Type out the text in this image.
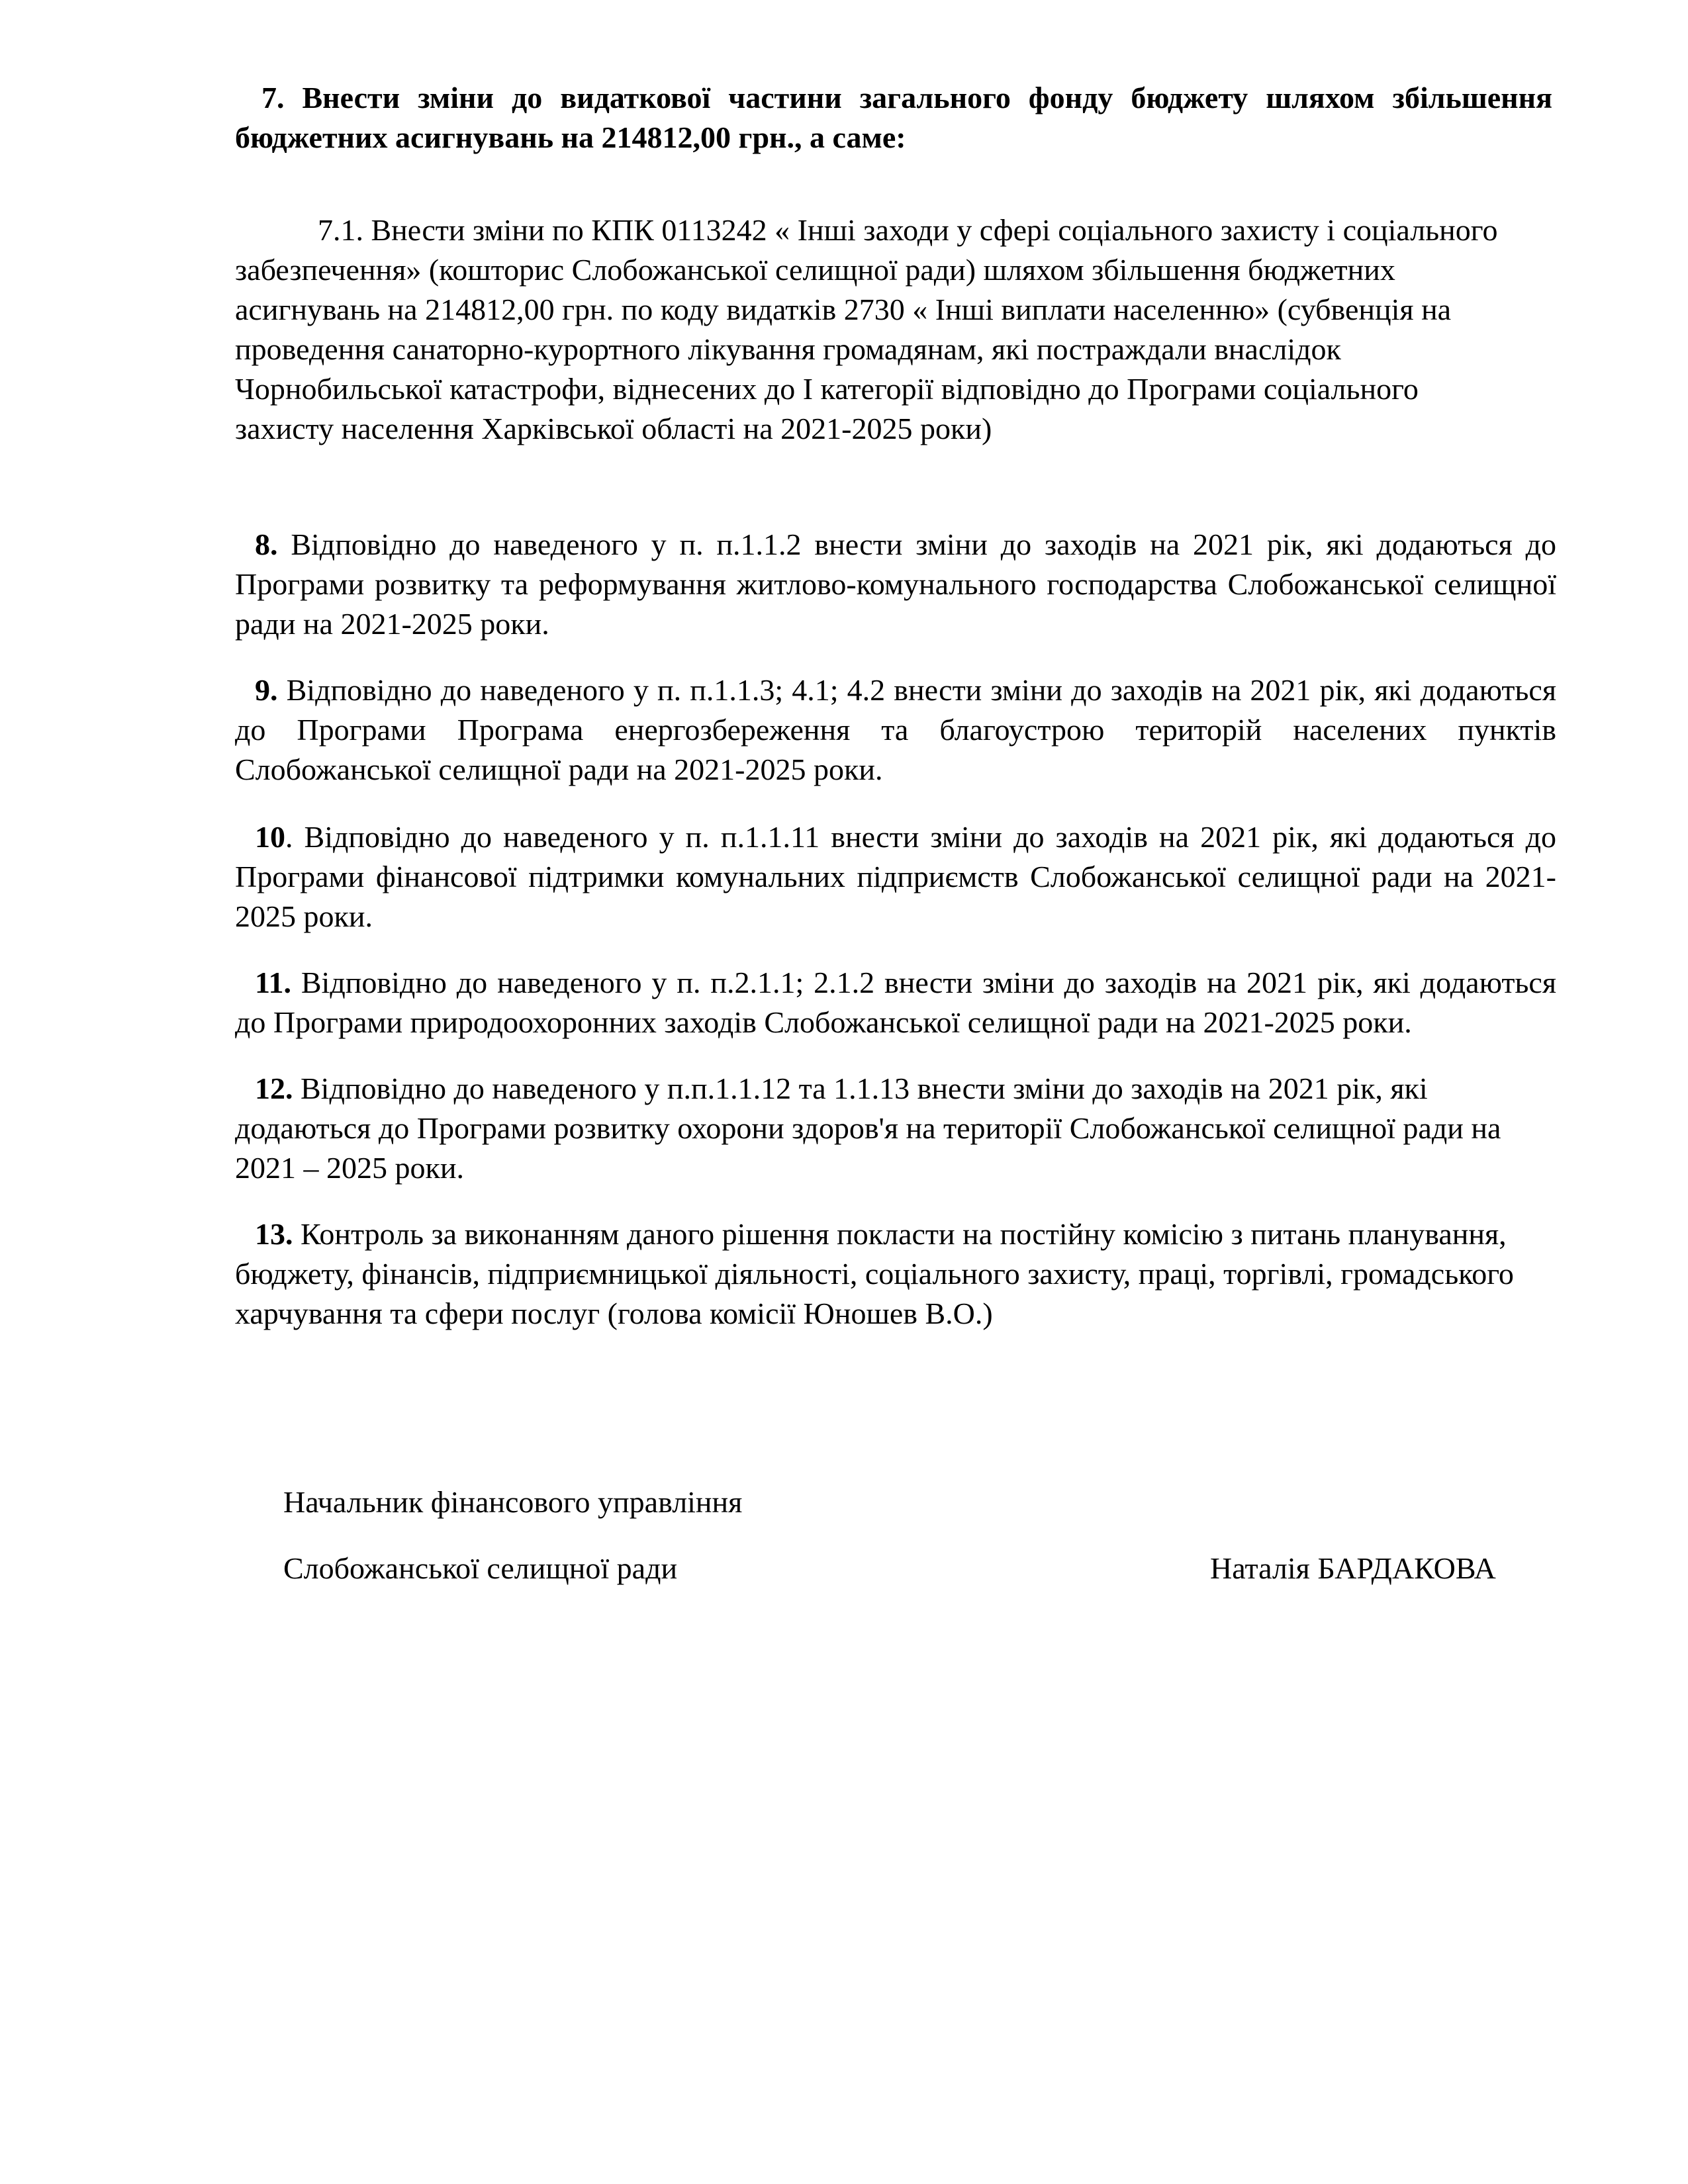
7. Внести зміни до видаткової частини загального фонду бюджету шляхом збільшення бюджетних асигнувань на 214812,00 грн., а саме:

7.1. Внести зміни по КПК 0113242 « Інші заходи у сфері соціального захисту і соціального забезпечення» (кошторис Слобожанської селищної ради) шляхом збільшення бюджетних асигнувань на 214812,00 грн. по коду видатків 2730 « Інші виплати населенню» (субвенція на проведення санаторно-курортного лікування громадянам, які постраждали внаслідок Чорнобильської катастрофи, віднесених до І категорії відповідно до Програми соціального захисту населення Харківської області на 2021-2025 роки)

8. Відповідно до наведеного у п. п.1.1.2 внести зміни до заходів на 2021 рік, які додаються до Програми розвитку та реформування житлово-комунального господарства Слобожанської селищної ради на 2021-2025 роки.

9. Відповідно до наведеного у п. п.1.1.3; 4.1; 4.2 внести зміни до заходів на 2021 рік, які додаються до Програми Програма енергозбереження та благоустрою територій населених пунктів Слобожанської селищної ради на 2021-2025 роки.

10. Відповідно до наведеного у п. п.1.1.11 внести зміни до заходів на 2021 рік, які додаються до Програми фінансової підтримки комунальних підприємств Слобожанської селищної ради на 2021-2025 роки.

11. Відповідно до наведеного у п. п.2.1.1; 2.1.2 внести зміни до заходів на 2021 рік, які додаються до Програми природоохоронних заходів Слобожанської селищної ради на 2021-2025 роки.

12. Відповідно до наведеного у п.п.1.1.12 та 1.1.13 внести зміни до заходів на 2021 рік, які додаються до Програми розвитку охорони здоров'я на території Слобожанської селищної ради на 2021 – 2025 роки.

13. Контроль за виконанням даного рішення покласти на постійну комісію з питань планування, бюджету, фінансів, підприємницької діяльності, соціального захисту, праці, торгівлі, громадського харчування та сфери послуг (голова комісії Юношев В.О.)

Начальник фінансового управління
Слобожанської селищної ради	Наталія БАРДАКОВА
